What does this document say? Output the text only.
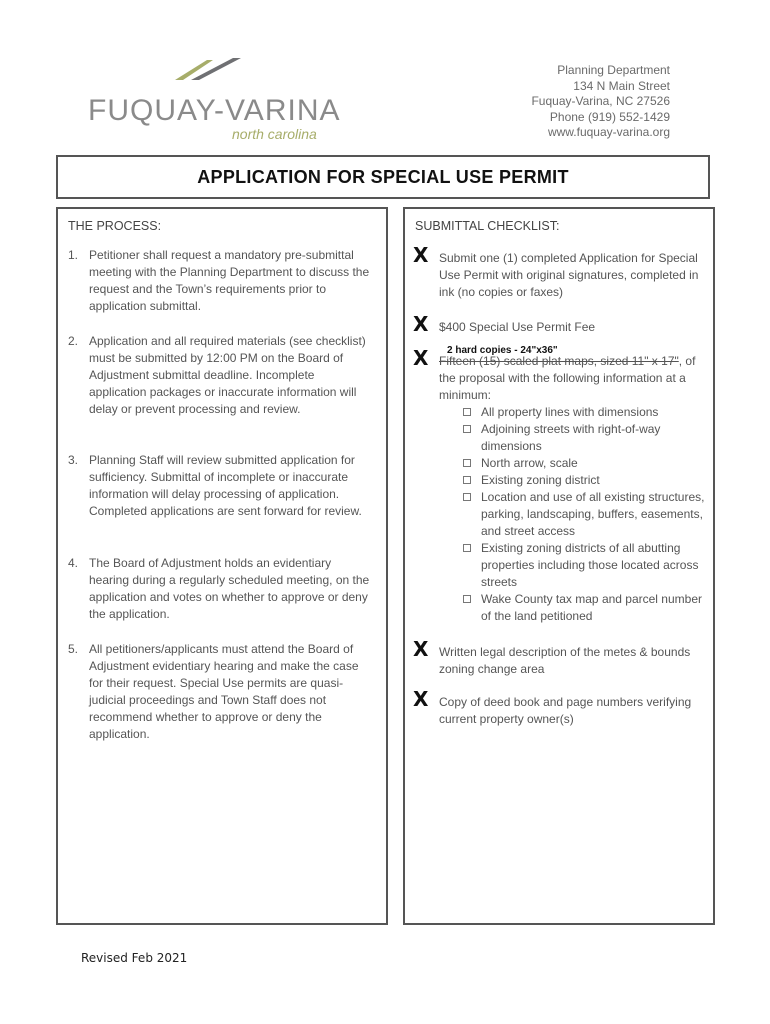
FUQUAY-VARINA
north carolina
Planning Department
134 N Main Street
Fuquay-Varina, NC 27526
Phone (919) 552-1429
www.fuquay-varina.org
APPLICATION FOR SPECIAL USE PERMIT
THE PROCESS:
1. Petitioner shall request a mandatory pre-submittal meeting with the Planning Department to discuss the request and the Town’s requirements prior to application submittal.
2. Application and all required materials (see checklist) must be submitted by 12:00 PM on the Board of Adjustment submittal deadline. Incomplete application packages or inaccurate information will delay or prevent processing and review.
3. Planning Staff will review submitted application for sufficiency. Submittal of incomplete or inaccurate information will delay processing of application. Completed applications are sent forward for review.
4. The Board of Adjustment holds an evidentiary hearing during a regularly scheduled meeting, on the application and votes on whether to approve or deny the application.
5. All petitioners/applicants must attend the Board of Adjustment evidentiary hearing and make the case for their request. Special Use permits are quasi-judicial proceedings and Town Staff does not recommend whether to approve or deny the application.
SUBMITTAL CHECKLIST:
X Submit one (1) completed Application for Special Use Permit with original signatures, completed in ink (no copies or faxes)
X $400 Special Use Permit Fee
X 2 hard copies - 24"x36"
Fifteen (15) scaled plat maps, sized 11" x 17", of the proposal with the following information at a minimum:
All property lines with dimensions
Adjoining streets with right-of-way dimensions
North arrow, scale
Existing zoning district
Location and use of all existing structures, parking, landscaping, buffers, easements, and street access
Existing zoning districts of all abutting properties including those located across streets
Wake County tax map and parcel number of the land petitioned
X Written legal description of the metes & bounds zoning change area
X Copy of deed book and page numbers verifying current property owner(s)
Revised Feb 2021
